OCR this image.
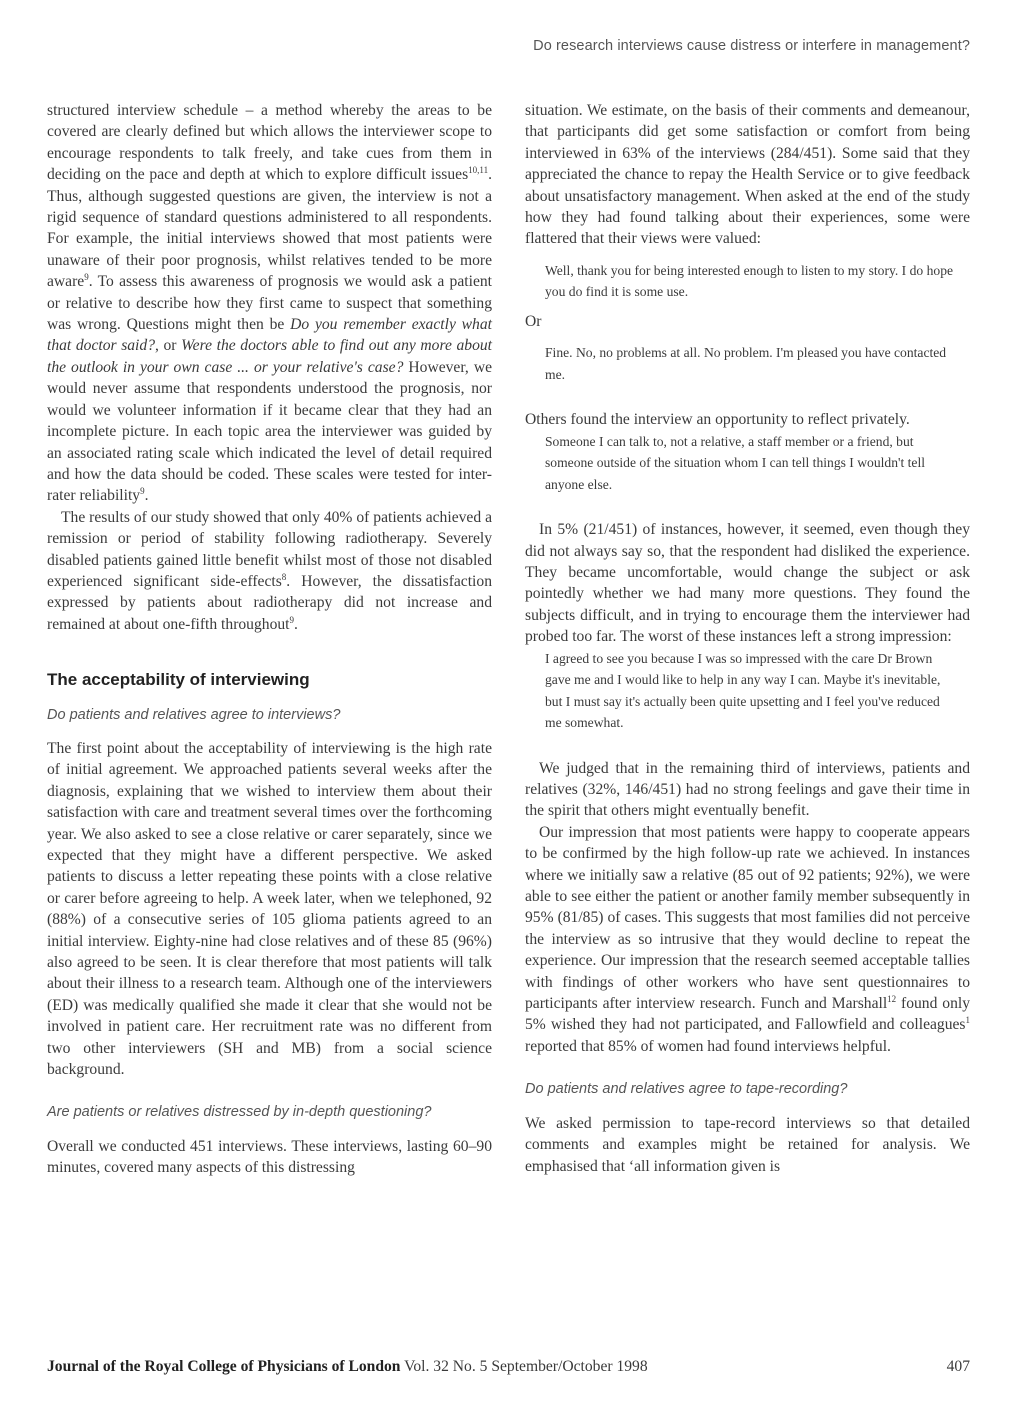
Do research interviews cause distress or interfere in management?

structured interview schedule – a method whereby the areas to be covered are clearly defined but which allows the interviewer scope to encourage respondents to talk freely, and take cues from them in deciding on the pace and depth at which to explore difficult issues$^{10,11}$. Thus, although suggested questions are given, the interview is not a rigid sequence of standard questions administered to all respondents. For example, the initial interviews showed that most patients were unaware of their poor prognosis, whilst relatives tended to be more aware$^9$. To assess this awareness of prognosis we would ask a patient or relative to describe how they first came to suspect that something was wrong. Questions might then be Do you remember exactly what that doctor said?, or Were the doctors able to find out any more about the outlook in your own case ... or your relative's case? However, we would never assume that respondents understood the prognosis, nor would we volunteer information if it became clear that they had an incomplete picture. In each topic area the interviewer was guided by an associated rating scale which indicated the level of detail required and how the data should be coded. These scales were tested for inter-rater reliability$^9$.

The results of our study showed that only 40% of patients achieved a remission or period of stability following radiotherapy. Severely disabled patients gained little benefit whilst most of those not disabled experienced significant side-effects$^8$. However, the dissatisfaction expressed by patients about radiotherapy did not increase and remained at about one-fifth throughout$^9$.

The acceptability of interviewing
Do patients and relatives agree to interviews?

The first point about the acceptability of interviewing is the high rate of initial agreement. We approached patients several weeks after the diagnosis, explaining that we wished to interview them about their satisfaction with care and treatment several times over the forthcoming year. We also asked to see a close relative or carer separately, since we expected that they might have a different perspective. We asked patients to discuss a letter repeating these points with a close relative or carer before agreeing to help. A week later, when we telephoned, 92 (88%) of a consecutive series of 105 glioma patients agreed to an initial interview. Eighty-nine had close relatives and of these 85 (96%) also agreed to be seen. It is clear therefore that most patients will talk about their illness to a research team. Although one of the interviewers (ED) was medically qualified she made it clear that she would not be involved in patient care. Her recruitment rate was no different from two other interviewers (SH and MB) from a social science background.

Are patients or relatives distressed by in-depth questioning?

Overall we conducted 451 interviews. These interviews, lasting 60–90 minutes, covered many aspects of this distressing

situation. We estimate, on the basis of their comments and demeanour, that participants did get some satisfaction or comfort from being interviewed in 63% of the interviews (284/451). Some said that they appreciated the chance to repay the Health Service or to give feedback about unsatisfactory management. When asked at the end of the study how they had found talking about their experiences, some were flattered that their views were valued:

Well, thank you for being interested enough to listen to my story. I do hope you do find it is some use.

Or

Fine. No, no problems at all. No problem. I'm pleased you have contacted me.

Others found the interview an opportunity to reflect privately.

Someone I can talk to, not a relative, a staff member or a friend, but someone outside of the situation whom I can tell things I wouldn't tell anyone else.

In 5% (21/451) of instances, however, it seemed, even though they did not always say so, that the respondent had disliked the experience. They became uncomfortable, would change the subject or ask pointedly whether we had many more questions. They found the subjects difficult, and in trying to encourage them the interviewer had probed too far. The worst of these instances left a strong impression:

I agreed to see you because I was so impressed with the care Dr Brown gave me and I would like to help in any way I can. Maybe it's inevitable, but I must say it's actually been quite upsetting and I feel you've reduced me somewhat.

We judged that in the remaining third of interviews, patients and relatives (32%, 146/451) had no strong feelings and gave their time in the spirit that others might eventually benefit.

Our impression that most patients were happy to cooperate appears to be confirmed by the high follow-up rate we achieved. In instances where we initially saw a relative (85 out of 92 patients; 92%), we were able to see either the patient or another family member subsequently in 95% (81/85) of cases. This suggests that most families did not perceive the interview as so intrusive that they would decline to repeat the experience. Our impression that the research seemed acceptable tallies with findings of other workers who have sent questionnaires to participants after interview research. Funch and Marshall$^{12}$ found only 5% wished they had not participated, and Fallowfield and colleagues$^1$ reported that 85% of women had found interviews helpful.

Do patients and relatives agree to tape-recording?

We asked permission to tape-record interviews so that detailed comments and examples might be retained for analysis. We emphasised that ‘all information given is

Journal of the Royal College of Physicians of London Vol. 32 No. 5 September/October 1998	407
